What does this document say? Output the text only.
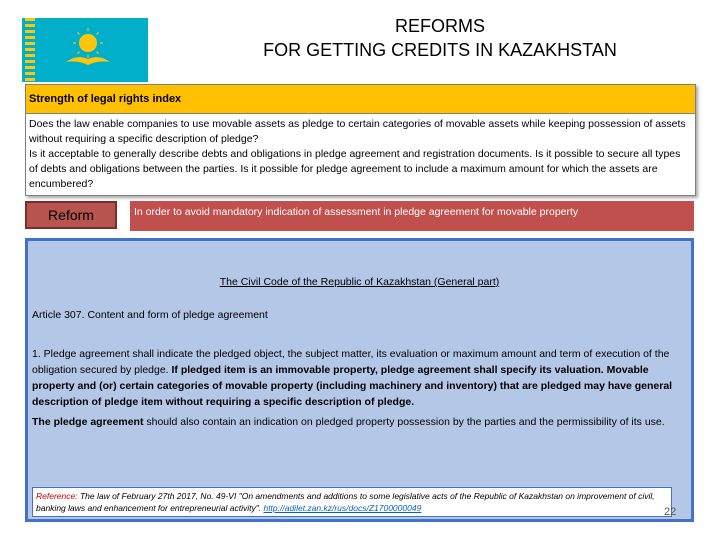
REFORMS
FOR GETTING CREDITS IN KAZAKHSTAN
Strength of legal rights index
Does the law enable companies to use movable assets as pledge to certain categories of movable assets while keeping possession of assets without requiring a specific description of pledge?
Is it acceptable to generally describe debts and obligations in pledge agreement and registration documents. Is it possible to secure all types of debts and obligations between the parties. Is it possible for pledge agreement to include a maximum amount for which the assets are encumbered?
Reform	In order to avoid mandatory indication of assessment in pledge agreement for movable property
The Civil Code of the Republic of Kazakhstan (General part)
Article 307. Content and form of pledge agreement
1. Pledge agreement shall indicate the pledged object, the subject matter, its evaluation or maximum amount and term of execution of the obligation secured by pledge. If pledged item is an immovable property, pledge agreement shall specify its valuation. Movable property and (or) certain categories of movable property (including machinery and inventory) that are pledged may have general description of pledge item without requiring a specific description of pledge.
The pledge agreement should also contain an indication on pledged property possession by the parties and the permissibility of its use.
Reference: The law of February 27th 2017, No. 49-VI "On amendments and additions to some legislative acts of the Republic of Kazakhstan on improvement of civil, banking laws and enhancement for entrepreneurial activity". http://adilet.zan.kz/rus/docs/Z1700000049	22
